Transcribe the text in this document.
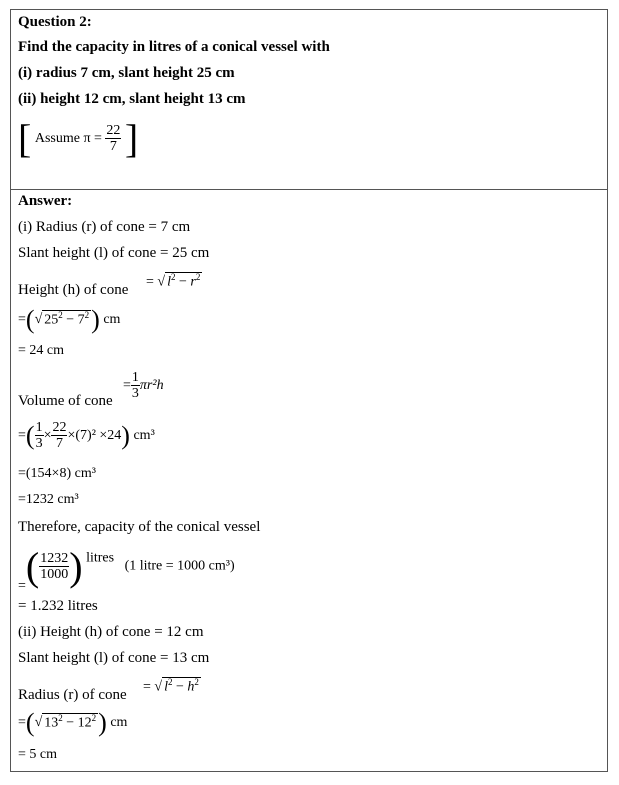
Question 2:
Find the capacity in litres of a conical vessel with
(i) radius 7 cm, slant height 25 cm
(ii) height 12 cm, slant height 13 cm
[ Assume $\pi = \frac{22}{7}$ ]
Answer:
(i) Radius (r) of cone = 7 cm
Slant height (l) of cone = 25 cm
Height (h) of cone = √ $l^2 - r^2$
=(√ $25^2 - 7^2$) cm
= 24 cm
Volume of cone
= $\frac{1}{3} \pi r^2h$
=( $\frac{1}{3} \times \frac{22}{7} \times(7)^2 \times 24$) cm³
=(154×8) cm³
=1232 cm³
Therefore, capacity of the conical vessel
=( $\frac{1232}{1000}$ ) litres   (1 litre = 1000 cm³)
= 1.232 litres
(ii) Height (h) of cone = 12 cm
Slant height (l) of cone = 13 cm
Radius (r) of cone = √ $l^2 - h^2$
=(√ $13^2 - 12^2$) cm
= 5 cm
